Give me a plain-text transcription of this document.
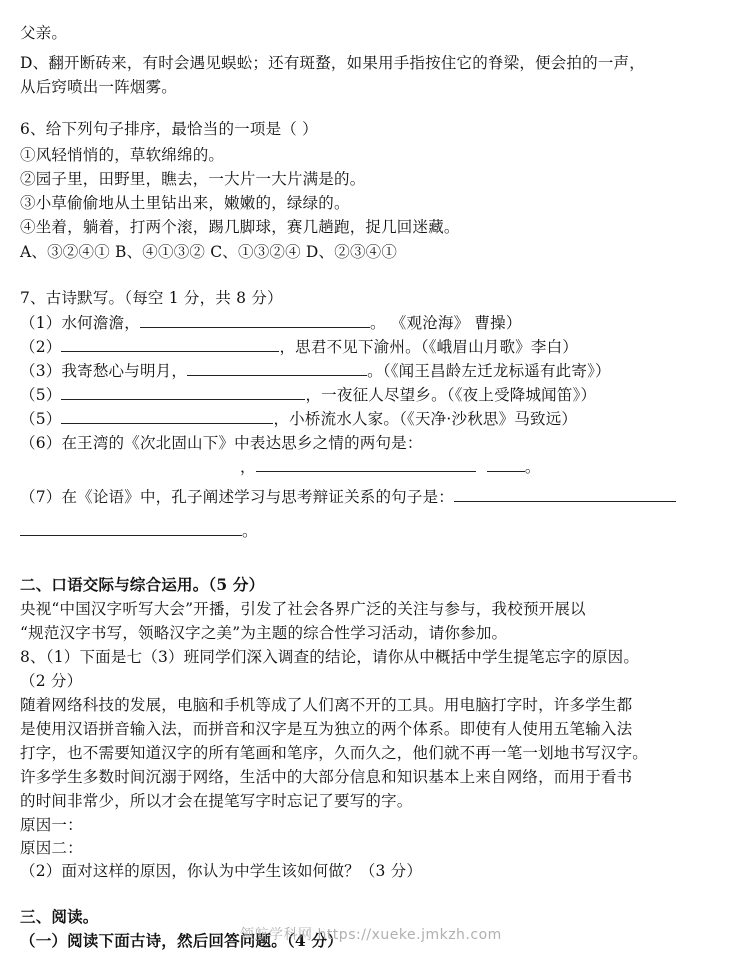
父亲。
D、翻开断砖来，有时会遇见蜈蚣；还有斑蝥，如果用手指按住它的脊梁，便会拍的一声，
从后窍喷出一阵烟雾。
6、给下列句子排序，最恰当的一项是（ ）
①风轻悄悄的，草软绵绵的。
②园子里，田野里，瞧去，一大片一大片满是的。
③小草偷偷地从土里钻出来，嫩嫩的，绿绿的。
④坐着，躺着，打两个滚，踢几脚球，赛几趟跑，捉几回迷藏。
A、③②④① B、④①③② C、①③②④ D、②③④①
7、古诗默写。（每空 1 分，共 8 分）
（1）水何澹澹，	。 《观沧海》 曹操）
（2）	，思君不见下渝州。（《峨眉山月歌》李白）
（3）我寄愁心与明月，	。（《闻王昌龄左迁龙标遥有此寄》）
（5）	，一夜征人尽望乡。（《夜上受降城闻笛》）
（5）	，小桥流水人家。（《天净·沙秋思》马致远）
（6）在王湾的《次北固山下》中表达思乡之情的两句是：
，	。
（7）在《论语》中，孔子阐述学习与思考辩证关系的句子是：
。
二、口语交际与综合运用。（5 分）
央视“中国汉字听写大会”开播，引发了社会各界广泛的关注与参与，我校预开展以
“规范汉字书写，领略汉字之美”为主题的综合性学习活动，请你参加。
8、（1）下面是七（3）班同学们深入调查的结论，请你从中概括中学生提笔忘字的原因。
（2 分）
随着网络科技的发展，电脑和手机等成了人们离不开的工具。用电脑打字时，许多学生都
是使用汉语拼音输入法，而拼音和汉字是互为独立的两个体系。即使有人使用五笔输入法
打字，也不需要知道汉字的所有笔画和笔序，久而久之，他们就不再一笔一划地书写汉字。
许多学生多数时间沉溺于网络，生活中的大部分信息和知识基本上来自网络，而用于看书
的时间非常少，所以才会在提笔写字时忘记了要写的字。
原因一：
原因二：
（2）面对这样的原因，你认为中学生该如何做？（3 分）
三、阅读。
（一）阅读下面古诗，然后回答问题。（4 分）
领航学科网 https://xueke.jmkzh.com
